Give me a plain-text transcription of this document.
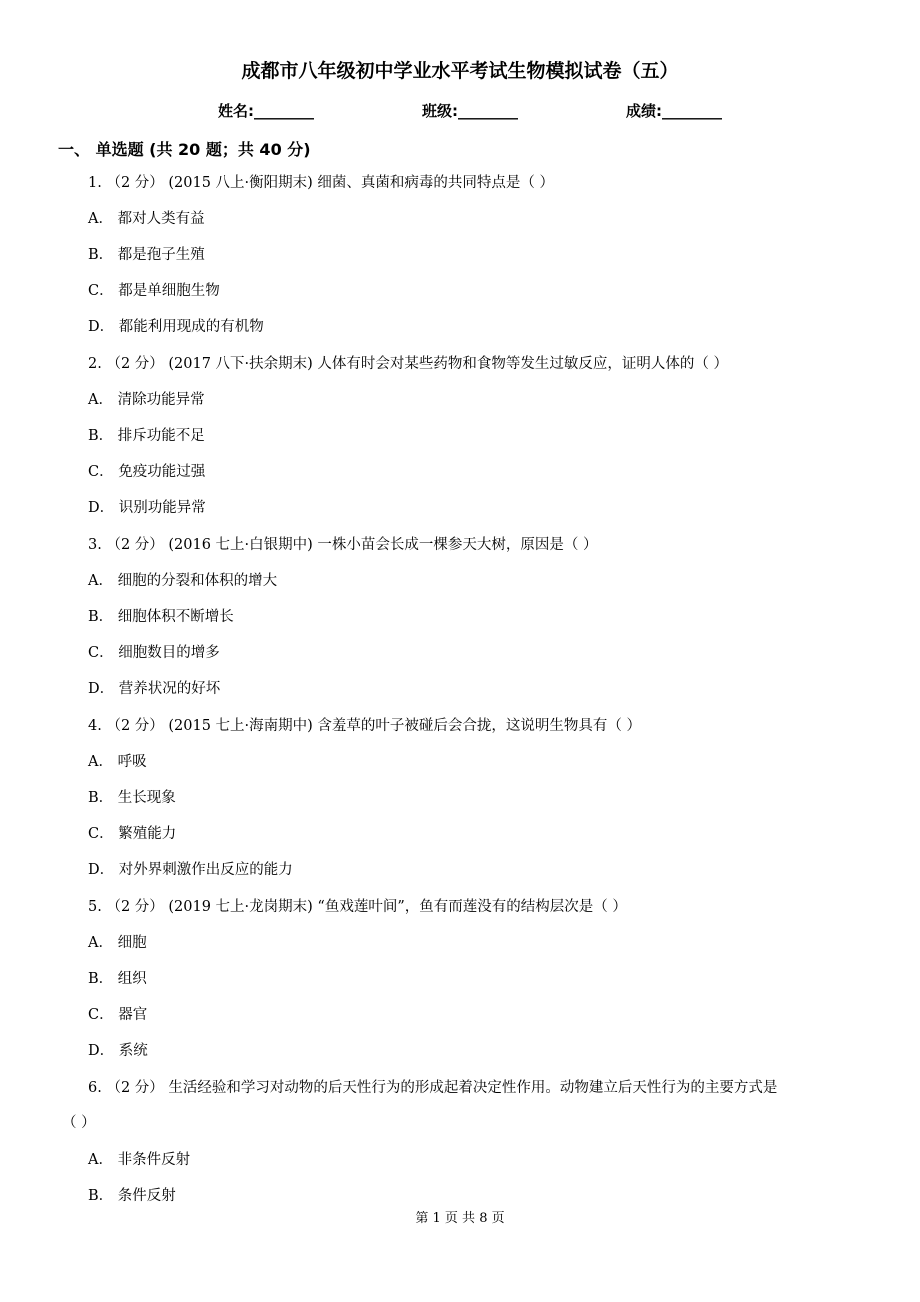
成都市八年级初中学业水平考试生物模拟试卷（五）
姓名:________	班级:________	成绩:________
一、 单选题 (共 20 题；共 40 分)
1. （2 分） (2015 八上·衡阳期末) 细菌、真菌和病毒的共同特点是（ ）
A． 都对人类有益
B． 都是孢子生殖
C． 都是单细胞生物
D． 都能利用现成的有机物
2. （2 分） (2017 八下·扶余期末) 人体有时会对某些药物和食物等发生过敏反应，证明人体的（ ）
A． 清除功能异常
B． 排斥功能不足
C． 免疫功能过强
D． 识别功能异常
3. （2 分） (2016 七上·白银期中) 一株小苗会长成一棵参天大树，原因是（ ）
A． 细胞的分裂和体积的增大
B． 细胞体积不断增长
C． 细胞数目的增多
D． 营养状况的好坏
4. （2 分） (2015 七上·海南期中) 含羞草的叶子被碰后会合拢，这说明生物具有（ ）
A． 呼吸
B． 生长现象
C． 繁殖能力
D． 对外界刺激作出反应的能力
5. （2 分） (2019 七上·龙岗期末) “鱼戏莲叶间”，鱼有而莲没有的结构层次是（ ）
A． 细胞
B． 组织
C． 器官
D． 系统
6. （2 分） 生活经验和学习对动物的后天性行为的形成起着决定性作用。动物建立后天性行为的主要方式是
（ ）
A． 非条件反射
B． 条件反射
第 1 页 共 8 页
